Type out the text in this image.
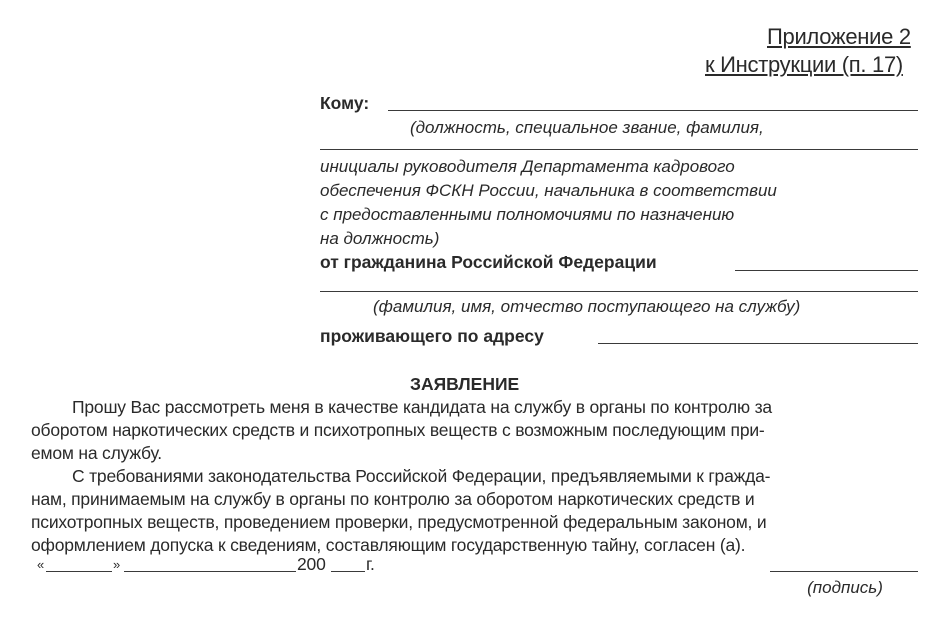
Приложение 2
к Инструкции (п. 17)
Кому:
(должность, специальное звание, фамилия,
инициалы руководителя Департамента кадрового
обеспечения ФСКН России, начальника в соответствии
с предоставленными полномочиями по назначению
на должность)
от гражданина Российской Федерации
(фамилия, имя, отчество поступающего на службу)
проживающего по адресу
ЗАЯВЛЕНИЕ
Прошу Вас рассмотреть меня в качестве кандидата на службу в органы по контролю за
оборотом наркотических средств и психотропных веществ с возможным последующим при-
емом на службу.
С требованиями законодательства Российской Федерации, предъявляемыми к гражда-
нам, принимаемым на службу в органы по контролю за оборотом наркотических средств и
психотропных веществ, проведением проверки, предусмотренной федеральным законом, и
оформлением допуска к сведениям, составляющим государственную тайну, согласен (а).
«	»	200 г.
(подпись)
